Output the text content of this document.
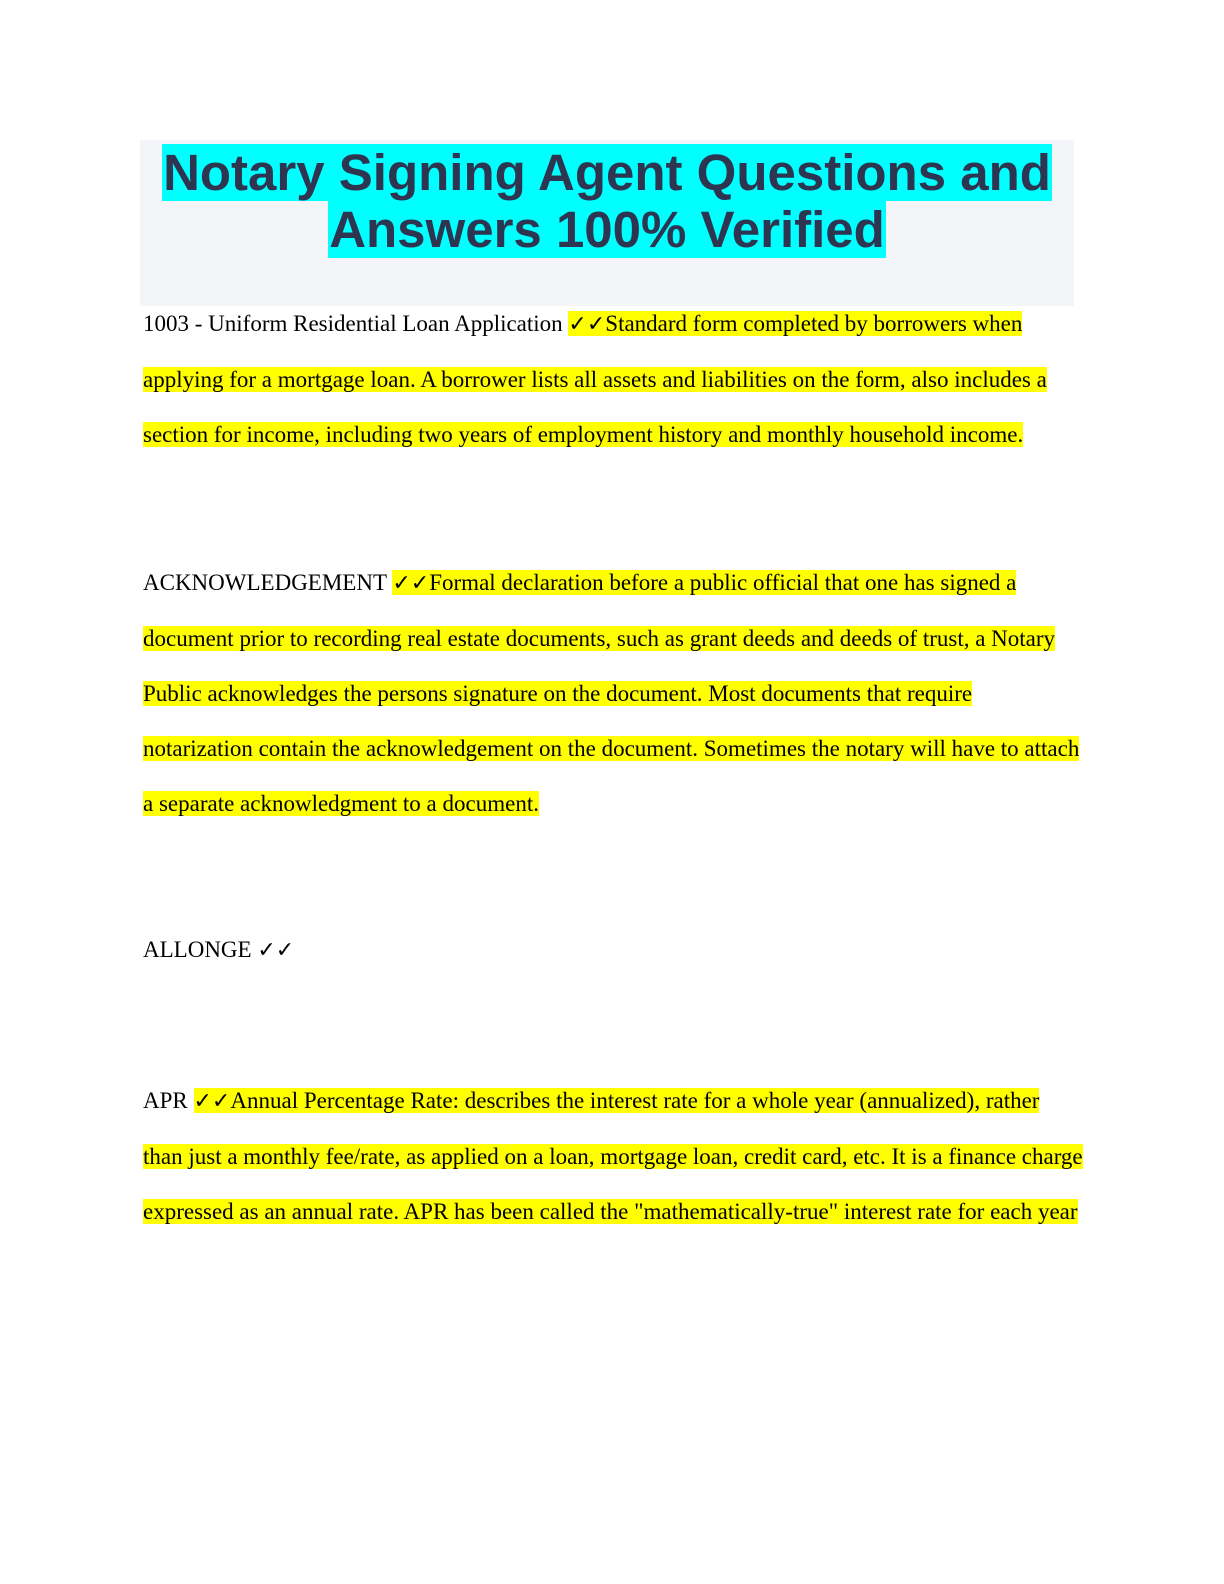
Notary Signing Agent Questions and
Answers 100% Verified

1003 - Uniform Residential Loan Application ✓✓Standard form completed by borrowers when applying for a mortgage loan. A borrower lists all assets and liabilities on the form, also includes a section for income, including two years of employment history and monthly household income.

ACKNOWLEDGEMENT ✓✓Formal declaration before a public official that one has signed a document prior to recording real estate documents, such as grant deeds and deeds of trust, a Notary Public acknowledges the persons signature on the document. Most documents that require notarization contain the acknowledgement on the document. Sometimes the notary will have to attach a separate acknowledgment to a document.

ALLONGE ✓✓

APR ✓✓Annual Percentage Rate: describes the interest rate for a whole year (annualized), rather than just a monthly fee/rate, as applied on a loan, mortgage loan, credit card, etc. It is a finance charge expressed as an annual rate. APR has been called the "mathematically-true" interest rate for each year
